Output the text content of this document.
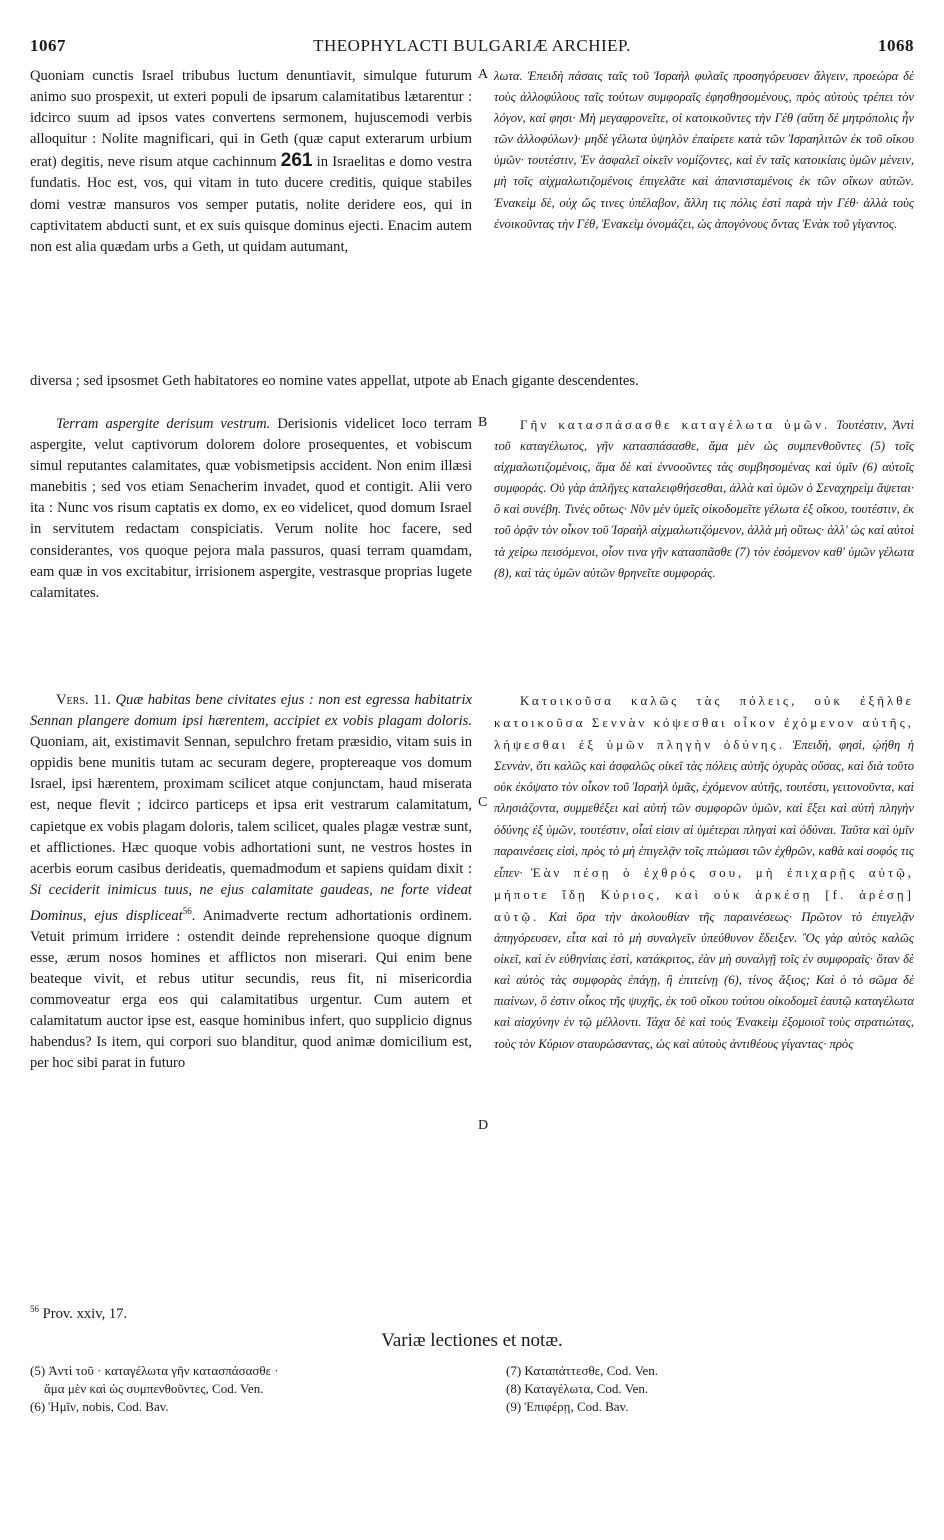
1067	THEOPHYLACTI BULGARIÆ ARCHIEP.	1068
Quoniam cunctis Israel tribubus luctum denuntiavit, simulque futurum animo suo prospexit, ut exteri populi de ipsarum calamitatibus lætarentur : idcirco suum ad ipsos vates convertens sermonem, hujuscemodi verbis alloquitur : Nolite magnificari, qui in Geth (quæ caput exterarum urbium erat) degitis, neve risum atque cachinnum 261 in Israelitas e domo vestra fundatis. Hoc est, vos, qui vitam in tuto ducere creditis, quique stabiles domi vestræ mansuros vos semper putatis, nolite deridere eos, qui in captivitatem abducti sunt, et ex suis quisque dominus ejecti. Enacim autem non est alia quædam urbs a Geth, ut quidam autumant,
A λωτα. Ἐπειδὴ πάσαις ταῖς τοῦ Ἰσραὴλ φυλαῖς προσηγόρευσεν ἄλγειν, προεώρα δὲ τοὺς ἀλλοφύλους ταῖς τούτων συμφοραῖς ἐφησθησομένους, πρὸς αὐτοὺς τρέπει τὸν λόγον, καί φησι· Μὴ μεγαφρονεῖτε, οἱ κατοικοῦντες τὴν Γέθ (αὕτη δὲ μητρόπολις ἦν τῶν ἀλλοφύλων)· μηδὲ γέλωτα ὑψηλὸν ἐπαίρετε κατὰ τῶν Ἰσραηλιτῶν ἐκ τοῦ οἴκου ὑμῶν· τουτέστιν, Ἐν ἀσφαλεῖ οἰκεῖν νομίζοντες, καὶ ἐν ταῖς κατοικίαις ὑμῶν μένειν, μὴ τοῖς αἰχμαλωτιζομένοις ἐπιγελᾶτε καὶ ἀπανισταμένοις ἐκ τῶν οἴκων αὐτῶν. Ἐνακεὶμ δὲ, οὐχ ὥς τινες ὑπέλαβον, ἄλλη τις πόλις ἐστὶ παρὰ τὴν Γέθ· ἀλλὰ τοὺς ἐνοικοῦντας τὴν Γέθ, Ἐνακεὶμ ὀνομάζει, ὡς ἀπογόνους ὄντας Ἐνὰκ τοῦ γίγαντος.
diversa ; sed ipsosmet Geth habitatores eo nomine vates appellat, utpote ab Enach gigante descendentes.
Terram aspergite derisum vestrum. Derisionis videlicet loco terram aspergite, velut captivorum dolorem dolore prosequentes, et vobiscum simul reputantes calamitates, quæ vobismetipsis accident. Non enim illæsi manebitis ; sed vos etiam Senacherim invadet, quod et contigit. Alii vero ita : Nunc vos risum captatis ex domo, ex eo videlicet, quod domum Israel in servitutem redactam conspiciatis. Verum nolite hoc facere, sed considerantes, vos quoque pejora mala passuros, quasi terram quamdam, eam quæ in vos excitabitur, irrisionem aspergite, vestrasque proprias lugete calamitates.
B	Γῆν κατασπάσασθε καταγέλωτα ὑμῶν. Τουτέστιν, Ἀντὶ τοῦ καταγέλωτος, γῆν κατασπάσασθε, ἅμα μὲν ὡς συμπενθοῦντες (5) τοῖς αἰχμαλωτιζομένοις, ἅμα δὲ καὶ ἐννοοῦντες τὰς συμβησομένας καὶ ὑμῖν (6) αὐτοῖς συμφοράς. Οὐ γὰρ ἀπλῆγες καταλειφθήσεσθαι, ἀλλὰ καὶ ὑμῶν ὁ Σεναχηρεὶμ ἅψεται· ὃ καὶ συνέβη. Τινὲς οὕτως· Νῦν μὲν ὑμεῖς οἰκοδομεῖτε γέλωτα ἐξ οἴκου, τουτέστιν, ἐκ τοῦ ὁρᾷν τὸν οἶκον τοῦ Ἰσραὴλ αἰχμαλωτιζόμενον, ἀλλὰ μὴ οὕτως· ἀλλ' ὡς καὶ αὐτοὶ τὰ χείρω πεισόμενοι, οἷον τινα γῆν κατασπᾶσθε (7) τὸν ἐσόμενον καθ' ὑμῶν γέλωτα (8), καὶ τὰς ὑμῶν αὐτῶν θρηνεῖτε συμφοράς.
Vers. 11. Quæ habitas bene civitates ejus : non est egressa habitatrix Sennan plangere domum ipsi hærentem, accipiet ex vobis plagam doloris. Quoniam, ait, existimavit Sennan, sepulchro fretam præsidio, vitam suis in oppidis bene munitis tutam ac securam degere, proptereaque vos domum Israel, ipsi hærentem, proximam scilicet atque conjunctam, haud miserata est, neque flevit ; idcirco particeps et ipsa erit vestrarum calamitatum, capietque ex vobis plagam doloris, talem scilicet, quales plagæ vestræ sunt, et afflictiones. Hæc quoque vobis adhortationi sunt, ne vestros hostes in acerbis eorum casibus derideatis, quemadmodum et sapiens quidam dixit : Si ceciderit inimicus tuus, ne ejus calamitate gaudeas, ne forte videat Dominus, ejus displiceat$^{56}$. Animadverte rectum adhortationis ordinem. Vetuit primum irridere : ostendit deinde reprehensione quoque dignum esse, ærum nosos homines et afflictos non miserari. Qui enim bene beateque vivit, et rebus utitur secundis, reus fit, ni misericordia commoveatur erga eos qui calamitatibus urgentur. Cum autem et calamitatum auctor ipse est, easque hominibus infert, quo supplicio dignus habendus? Is item, qui corpori suo blanditur, quod animæ domicilium est, per hoc sibi parat in futuro
C
D
Κατοικοῦσα καλῶς τὰς πόλεις, οὐκ ἐξῆλθε κατοικοῦσα Σεννὰν κόψεσθαι οἶκον ἐχόμενον αὐτῆς, λήψεσθαι ἐξ ὑμῶν πληγὴν ὀδύνης. Ἐπειδὴ, φησὶ, ᾠήθη ἡ Σεννὰν, ὅτι καλῶς καὶ ἀσφαλῶς οἰκεῖ τὰς πόλεις αὐτῆς ὀχυρὰς οὔσας, καὶ διὰ τοῦτο οὐκ ἐκόψατο τὸν οἶκον τοῦ Ἰσραὴλ ὑμᾶς, ἐχόμενον αὐτῆς, τουτέστι, γειτονοῦντα, καὶ πλησιάζοντα, συμμεθέξει καὶ αὐτὴ τῶν συμφορῶν ὑμῶν, καὶ ἕξει καὶ αὐτὴ πληγὴν ὀδύνης ἐξ ὑμῶν, τουτέστιν, οἷαί εἰσιν αἱ ὑμέτεραι πληγαὶ καὶ ὀδύναι. Ταῦτα καὶ ὑμῖν παραινέσεις εἰσὶ, πρὸς τὸ μὴ ἐπιγελᾷν τοῖς πτώμασι τῶν ἐχθρῶν, καθὰ καὶ σοφός τις εἶπεν· Ἐὰν πέσῃ ὁ ἐχθρός σου, μὴ ἐπιχαρῇς αὐτῷ, μήποτε ἴδῃ Κύριος, καὶ οὐκ ἀρκέσῃ [f. ἀρέσῃ] αὐτῷ. Καὶ ὅρα τὴν ἀκολουθίαν τῆς παραινέσεως· Πρῶτον τὸ ἐπιγελᾷν ἀπηγόρευσεν, εἶτα καὶ τὸ μὴ συναλγεῖν ὑπεύθυνον ἔδειξεν. Ὃς γὰρ αὐτὸς καλῶς οἰκεῖ, καὶ ἐν εὐθηνίαις ἐστὶ, κατάκριτος, ἐὰν μὴ συναλγῇ τοῖς ἐν συμφοραῖς· ὅταν δὲ καὶ αὐτὸς τὰς συμφορὰς ἐπάγῃ, ἢ ἐπιτείνῃ (6), τίνος ἄξιος; Καὶ ὁ τὸ σῶμα δὲ πιαίνων, ὅ ἐστιν οἶκος τῆς ψυχῆς, ἐκ τοῦ οἴκου τούτου οἰκοδομεῖ ἑαυτῷ καταγέλωτα καὶ αἰσχύνην ἐν τῷ μέλλοντι. Τάχα δὲ καὶ τοὺς Ἐνακεὶμ ἐξομοιοῖ τοὺς στρατιώτας, τοὺς τὸν Κύριον σταυρώσαντας, ὡς καὶ αὐτοὺς ἀντιθέους γίγαντας· πρὸς
$^{56}$ Prov. xxiv, 17.
Variæ lectiones et notæ.
(5) Ἀντὶ τοῦ · καταγέλωτα γῆν κατασπάσασθε ·
ἅμα μὲν καὶ ὡς συμπενθοῦντες, Cod. Ven.
(6) Ἡμῖν, nobis, Cod. Bav.
(7) Καταπάττεσθε, Cod. Ven.
(8) Καταγέλωτα, Cod. Ven.
(9) Ἐπιφέρῃ, Cod. Bav.
